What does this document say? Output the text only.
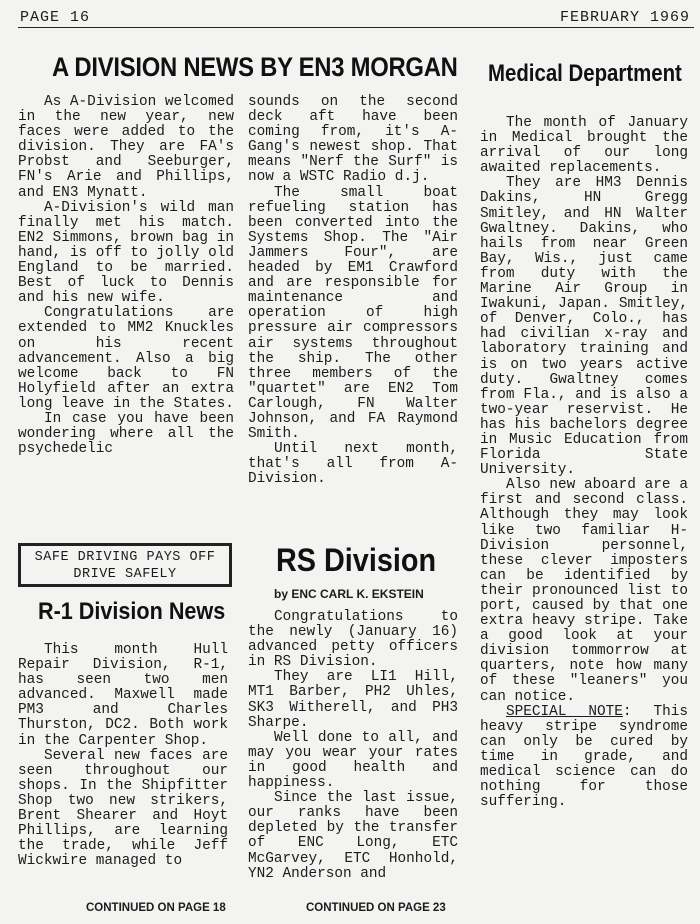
PAGE 16	FEBRUARY 1969
A DIVISION NEWS BY EN3 MORGAN

As A-Division welcomed in the new year, new faces were added to the division. They are FA's Probst and Seeburger, FN's Arie and Phillips, and EN3 Mynatt.

A-Division's wild man finally met his match. EN2 Simmons, brown bag in hand, is off to jolly old England to be married. Best of luck to Dennis and his new wife.

Congratulations are extended to MM2 Knuckles on his recent advancement. Also a big welcome back to FN Holyfield after an extra long leave in the States.

In case you have been wondering where all the psychedelic

sounds on the second deck aft have been coming from, it's A-Gang's newest shop. That means "Nerf the Surf" is now a WSTC Radio d.j.

The small boat refueling station has been converted into the Systems Shop. The "Air Jammers Four", are headed by EM1 Crawford and are responsible for maintenance and operation of high pressure air compressors air systems throughout the ship. The other three members of the "quartet" are EN2 Tom Carlough, FN Walter Johnson, and FA Raymond Smith.

Until next month, that's all from A-Division.

SAFE DRIVING PAYS OFF
DRIVE SAFELY
R-1 Division News

This month Hull Repair Division, R-1, has seen two men advanced. Maxwell made PM3 and Charles Thurston, DC2. Both work in the Carpenter Shop.

Several new faces are seen throughout our shops. In the Shipfitter Shop two new strikers, Brent Shearer and Hoyt Phillips, are learning the trade, while Jeff Wickwire managed to

CONTINUED ON PAGE 18
RS Division
by ENC CARL K. EKSTEIN

Congratulations to the newly (January 16) advanced petty officers in RS Division.

They are LI1 Hill, MT1 Barber, PH2 Uhles, SK3 Witherell, and PH3 Sharpe.

Well done to all, and may you wear your rates in good health and happiness.

Since the last issue, our ranks have been depleted by the transfer of ENC Long, ETC McGarvey, ETC Honhold, YN2 Anderson and

CONTINUED ON PAGE 23
Medical Department

The month of January in Medical brought the arrival of our long awaited replacements.

They are HM3 Dennis Dakins, HN Gregg Smitley, and HN Walter Gwaltney. Dakins, who hails from near Green Bay, Wis., just came from duty with the Marine Air Group in Iwakuni, Japan. Smitley, of Denver, Colo., has had civilian x-ray and laboratory training and is on two years active duty. Gwaltney comes from Fla., and is also a two-year reservist. He has his bachelors degree in Music Education from Florida State University.

Also new aboard are a first and second class. Although they may look like two familiar H-Division personnel, these clever imposters can be identified by their pronounced list to port, caused by that one extra heavy stripe. Take a good look at your division tommorrow at quarters, note how many of these "leaners" you can notice.

SPECIAL NOTE: This heavy stripe syndrome can only be cured by time in grade, and medical science can do nothing for those suffering.
